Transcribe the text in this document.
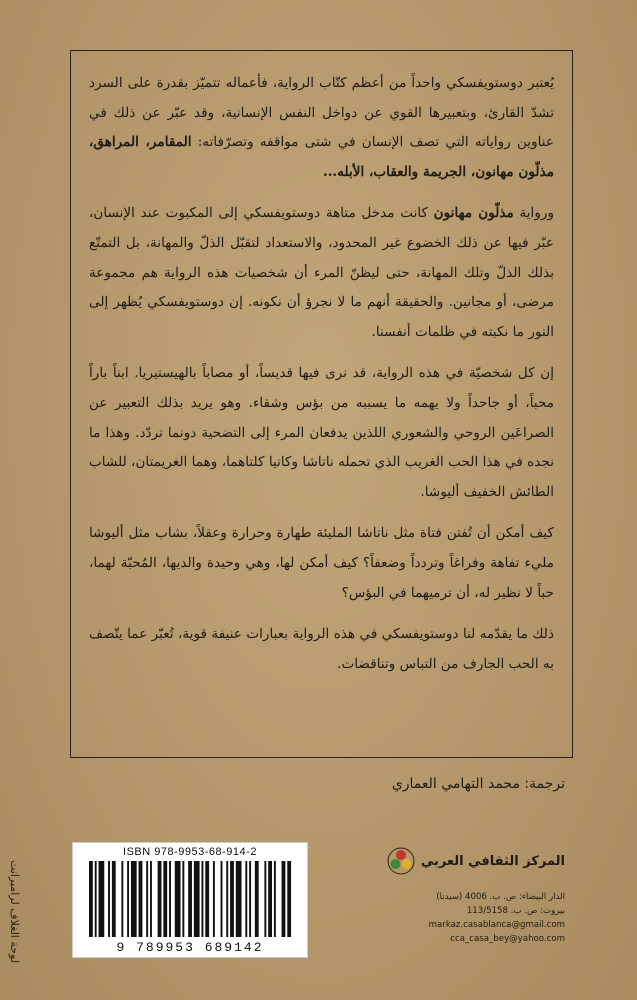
يُعتبر دوستويفسكي واحداً من أعظم كتّاب الرواية، فأعماله تتميّز بقدرة على السرد تشدّ القارئ، وبتعبيرها القوي عن دواخل النفس الإنسانية، وقد عبّر عن ذلك في عناوين رواياته التي تصف الإنسان في شتى مواقفه وتصرّفاته: المقامر، المراهق، مذلّون مهانون، الجريمة والعقاب، الأبله...

ورواية مذلّون مهانون كانت مدخل متاهة دوستويفسكي إلى المكبوت عند الإنسان، عبّر فيها عن ذلك الخضوع غير المحدود، والاستعداد لتقبّل الذلّ والمهانة، بل التمتّع بذلك الذلّ وتلك المهانة، حتى ليظنّ المرء أن شخصيات هذه الرواية هم مجموعة مرضى، أو مجانين. والحقيقة أنهم ما لا نجرؤ أن نكونه. إن دوستويفسكي يُظهر إلى النور ما نكبته في ظلمات أنفسنا.

إن كل شخصيّة في هذه الرواية، قد نرى فيها قديساً، أو مصاباً بالهيستيريا. ابناً باراً محباً، أو جاحداً ولا يهمه ما يسببه من بؤس وشقاء. وهو يريد بذلك التعبير عن الصراعَين الروحي والشعوري اللذين يدفعان المرء إلى التضحية دونما تردّد. وهذا ما نجده في هذا الحب الغريب الذي تحمله ناتاشا وكاتيا كلتاهما، وهما الغريمتان، للشاب الطائش الخفيف أليوشا.

كيف أمكن أن تُفتن فتاة مثل ناتاشا المليئة طهارة وحرارة وعقلاً، بشاب مثل أليوشا مليء تفاهة وفراغاً وتردداً وضعفاً؟ كيف أمكن لها، وهي وحيدة والديها، المُحبّة لهما، حباً لا نظير له، أن ترميهما في البؤس؟

ذلك ما يقدّمه لنا دوستويفسكي في هذه الرواية بعبارات عنيفة قوية، تُعبّر عما يتّصف به الحب الجارف من التباس وتناقضات.

ترجمة: محمد التهامي العماري
لوحة الغلاف لرامبرانت
ISBN 978-9953-68-914-2
9 789953 689142
المركز الثقافي العربي
الدار البيضاء: ص. ب. 4006 (سيدنا)
بيروت: ص. ب. 113/5158
markaz.casablanca@gmail.com
cca_casa_bey@yahoo.com
